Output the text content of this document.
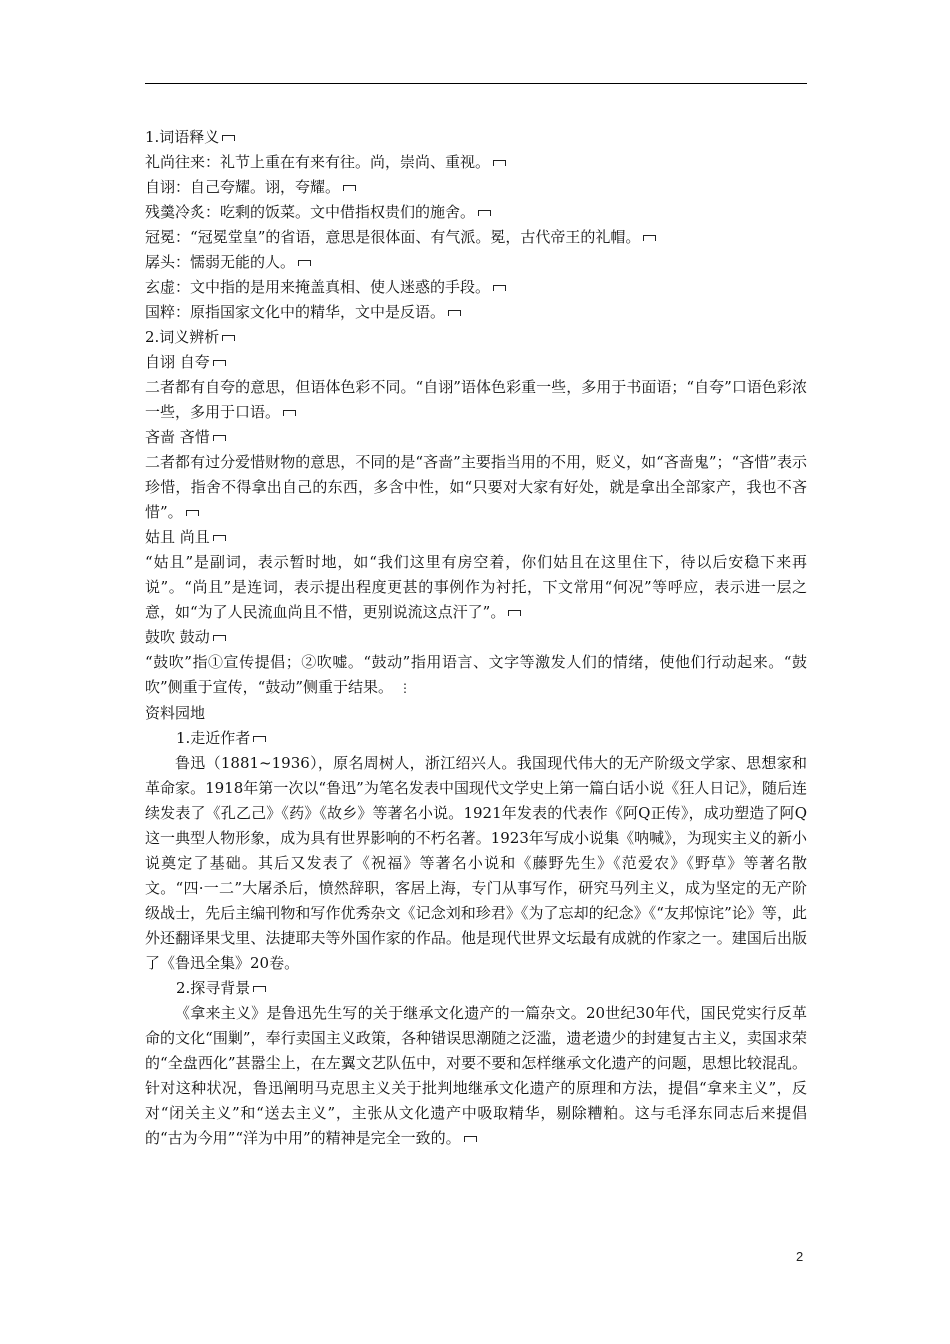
1.词语释义

礼尚往来：礼节上重在有来有往。尚，崇尚、重视。

自诩：自己夸耀。诩，夸耀。

残羹冷炙：吃剩的饭菜。文中借指权贵们的施舍。

冠冕：“冠冕堂皇”的省语，意思是很体面、有气派。冕，古代帝王的礼帽。

孱头：懦弱无能的人。

玄虚：文中指的是用来掩盖真相、使人迷惑的手段。

国粹：原指国家文化中的精华，文中是反语。

2.词义辨析

自诩 自夸

二者都有自夸的意思，但语体色彩不同。“自诩”语体色彩重一些，多用于书面语；“自夸”口语色彩浓一些，多用于口语。

吝啬 吝惜

二者都有过分爱惜财物的意思，不同的是“吝啬”主要指当用的不用，贬义，如“吝啬鬼”；“吝惜”表示珍惜，指舍不得拿出自己的东西，多含中性，如“只要对大家有好处，就是拿出全部家产，我也不吝惜”。

姑且 尚且

“姑且”是副词，表示暂时地，如“我们这里有房空着，你们姑且在这里住下，待以后安稳下来再说”。“尚且”是连词，表示提出程度更甚的事例作为衬托，下文常用“何况”等呼应，表示进一层之意，如“为了人民流血尚且不惜，更别说流这点汗了”。

鼓吹 鼓动

“鼓吹”指①宣传提倡；②吹嘘。“鼓动”指用语言、文字等激发人们的情绪，使他们行动起来。“鼓吹”侧重于宣传，“鼓动”侧重于结果。 ⋮

资料园地

1.走近作者

鲁迅（1881~1936），原名周树人，浙江绍兴人。我国现代伟大的无产阶级文学家、思想家和革命家。1918年第一次以“鲁迅”为笔名发表中国现代文学史上第一篇白话小说《狂人日记》，随后连续发表了《孔乙己》《药》《故乡》等著名小说。1921年发表的代表作《阿Q正传》，成功塑造了阿Q这一典型人物形象，成为具有世界影响的不朽名著。1923年写成小说集《呐喊》，为现实主义的新小说奠定了基础。其后又发表了《祝福》等著名小说和《藤野先生》《范爱农》《野草》等著名散文。“四·一二”大屠杀后，愤然辞职，客居上海，专门从事写作，研究马列主义，成为坚定的无产阶级战士，先后主编刊物和写作优秀杂文《记念刘和珍君》《为了忘却的纪念》《“友邦惊诧”论》等，此外还翻译果戈里、法捷耶夫等外国作家的作品。他是现代世界文坛最有成就的作家之一。建国后出版了《鲁迅全集》20卷。

2.探寻背景

《拿来主义》是鲁迅先生写的关于继承文化遗产的一篇杂文。20世纪30年代，国民党实行反革命的文化“围剿”，奉行卖国主义政策，各种错误思潮随之泛滥，遗老遗少的封建复古主义，卖国求荣的“全盘西化”甚嚣尘上，在左翼文艺队伍中，对要不要和怎样继承文化遗产的问题，思想比较混乱。针对这种状况，鲁迅阐明马克思主义关于批判地继承文化遗产的原理和方法，提倡“拿来主义”，反对“闭关主义”和“送去主义”，主张从文化遗产中吸取精华，剔除糟粕。这与毛泽东同志后来提倡的“古为今用”“洋为中用”的精神是完全一致的。

2
